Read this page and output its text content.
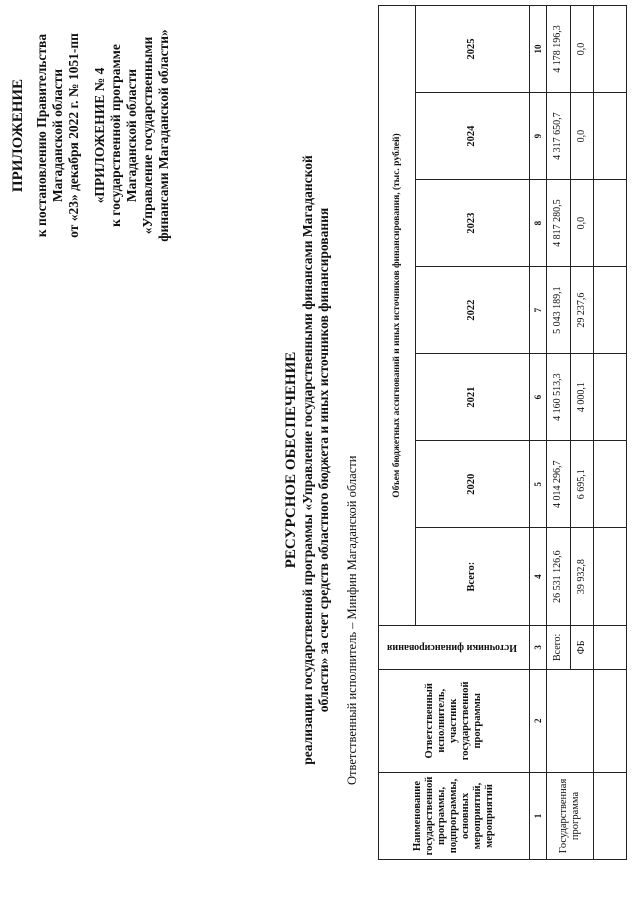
ПРИЛОЖЕНИЕ к постановлению Правительства Магаданской области от «23» декабря 2022 г. № 1051-пп «ПРИЛОЖЕНИЕ № 4 к государственной программе Магаданской области «Управление государственными финансами Магаданской области»
РЕСУРСНОЕ ОБЕСПЕЧЕНИЕ реализации государственной программы «Управление государственными финансами Магаданской области» за счет средств областного бюджета и иных источников финансирования Ответственный исполнитель – Минфин Магаданской области
Наименование государственной программы, подпрограммы, основных мероприятий, мероприятий	Ответственный исполнитель, участник государственной программы	Источники финансирования	Объем бюджетных ассигнований и иных источников финансирования, (тыс. рублей)						
			Всего:	2020	2021	2022	2023	2024	2025
1	2	3	4	5	6	7	8	9	10
Государственная программа		Всего:	26 531 126,6	4 014 296,7	4 160 513,3	5 043 189,1	4 817 280,5	4 317 650,7	4 178 196,3
		ФБ	39 932,8	6 695,1	4 000,1	29 237,6	0,0	0,0	0,0
